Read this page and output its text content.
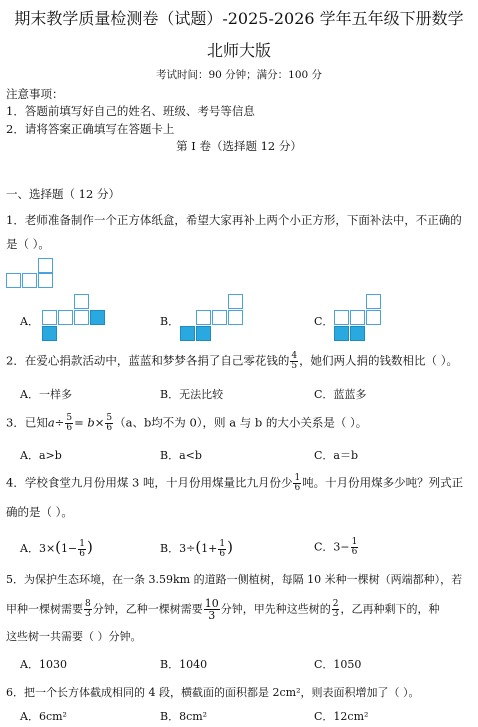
期末教学质量检测卷（试题）-2025-2026 学年五年级下册数学
北师大版
考试时间：90 分钟；满分：100 分
注意事项：
1．答题前填写好自己的姓名、班级、考号等信息
2．请将答案正确填写在答题卡上
第 I 卷（选择题 12 分）
一、选择题（ 12 分）
1．老师准备制作一个正方体纸盒，希望大家再补上两个小正方形，下面补法中，不正确的
是（ ）。
A．	B．	C．
2．在爱心捐款活动中，蓝蓝和梦梦各捐了自己零花钱的 $\frac{4}{5}$ ，她们两人捐的钱数相比（ ）。
A．一样多	B．无法比较	C．蓝蓝多
3．已知$a\div \frac{5}{6} = b\times \frac{5}{6} (a$、b均不为 0），则 a 与 b 的大小关系是（ ）。
A．a>b	B．a<b	C．a＝b
4．学校食堂九月份用煤 3 吨，十月份用煤量比九月份少 $\frac{1}{6}$ 吨。十月份用煤多少吨？列式正
确的是（ ）。
A．$3\times(1- \frac{1}{6}$ )	B．$3\div(1+ \frac{1}{6}$ )	C．$3- \frac{1}{6}$
5．为保护生态环境，在一条 3.59km 的道路一侧植树，每隔 10 米种一棵树（两端都种），若
甲种一棵树需要 $\frac{8}{3}$ 分钟，乙种一棵树需要 $\frac{10}{3}$ 分钟，甲先种这些树的 $\frac{2}{3}$ ，乙再种剩下的，种
这些树一共需要（ ）分钟。
A．1030	B．1040	C．1050
6．把一个长方体截成相同的 4 段，横截面的面积都是 2cm²，则表面积增加了（ ）。
A．6cm²	B．8cm²	C．12cm²
